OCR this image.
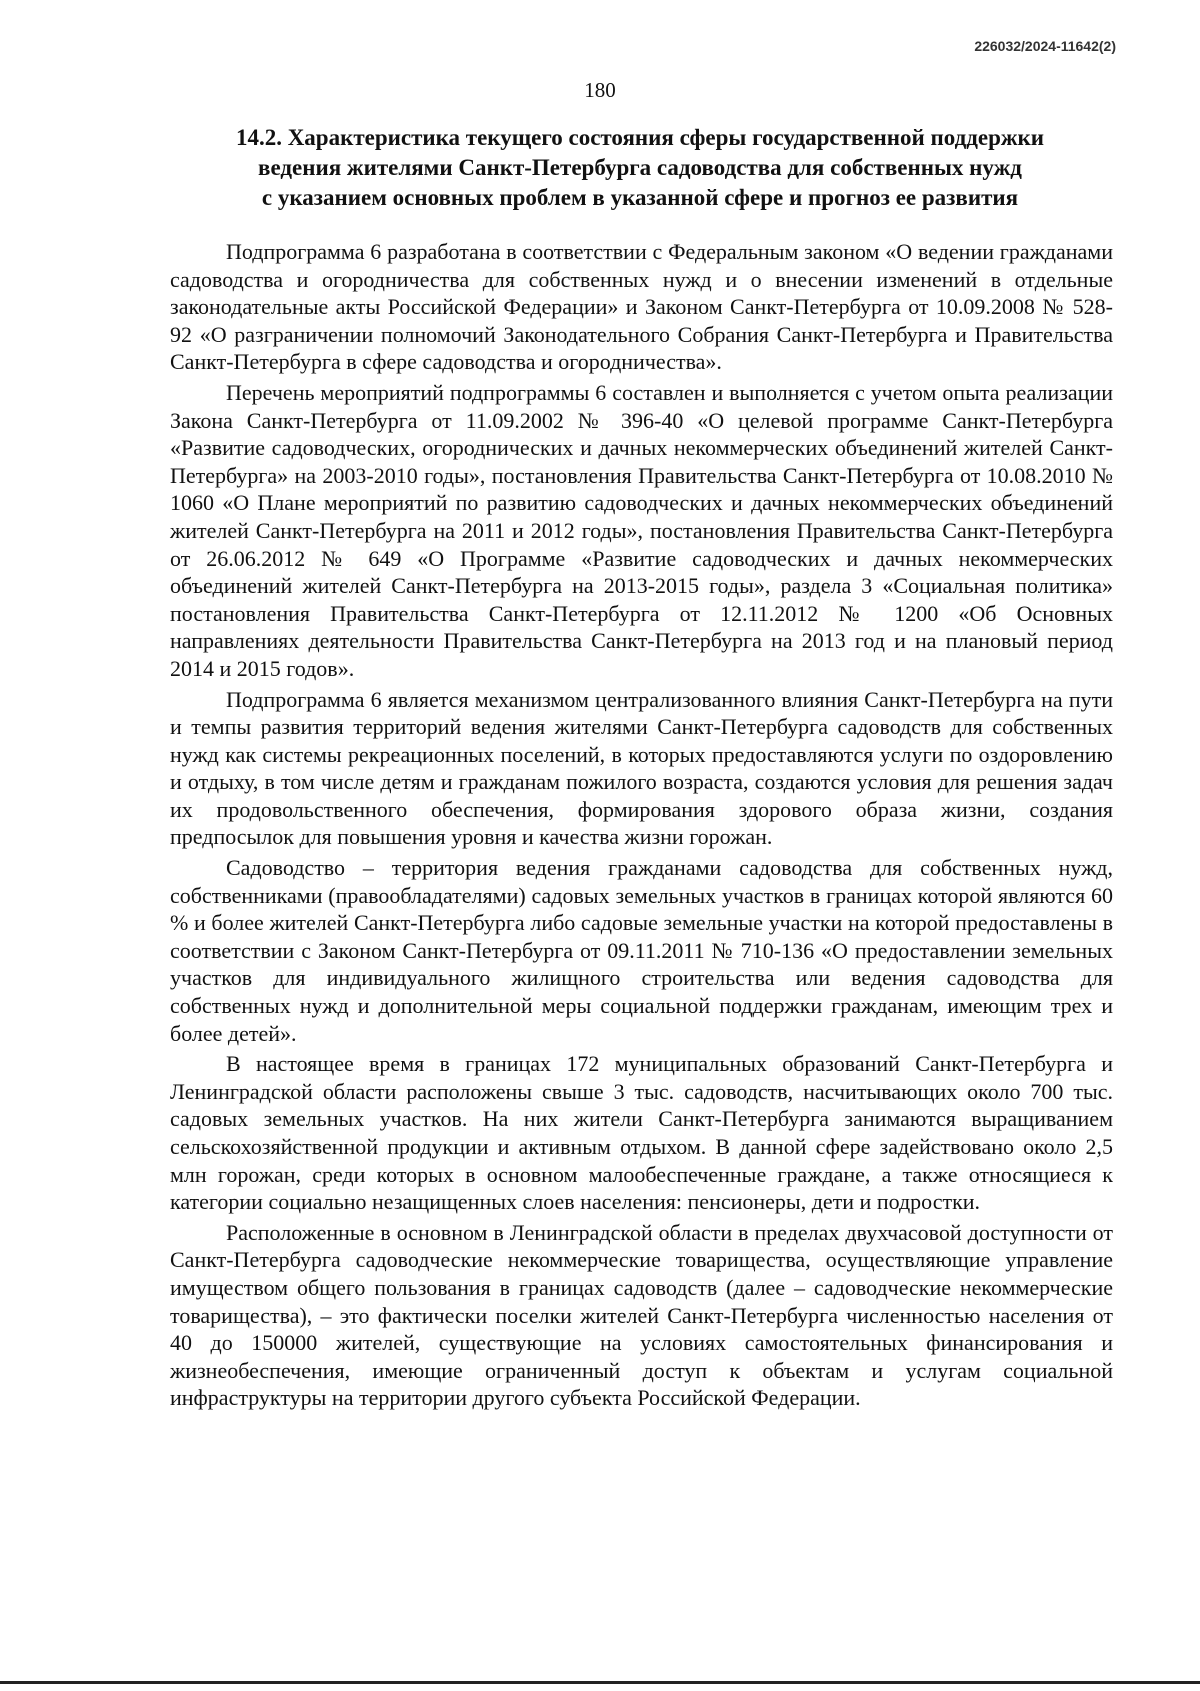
226032/2024-11642(2)
180
14.2. Характеристика текущего состояния сферы государственной поддержки
ведения жителями Санкт-Петербурга садоводства для собственных нужд
с указанием основных проблем в указанной сфере и прогноз ее развития

Подпрограмма 6 разработана в соответствии с Федеральным законом «О ведении гражданами садоводства и огородничества для собственных нужд и о внесении изменений в отдельные законодательные акты Российской Федерации» и Законом Санкт-Петербурга от 10.09.2008 № 528-92 «О разграничении полномочий Законодательного Собрания Санкт-Петербурга и Правительства Санкт-Петербурга в сфере садоводства и огородничества».

Перечень мероприятий подпрограммы 6 составлен и выполняется с учетом опыта реализации Закона Санкт-Петербурга от 11.09.2002 № 396-40 «О целевой программе Санкт-Петербурга «Развитие садоводческих, огороднических и дачных некоммерческих объединений жителей Санкт-Петербурга» на 2003-2010 годы», постановления Правительства Санкт-Петербурга от 10.08.2010 № 1060 «О Плане мероприятий по развитию садоводческих и дачных некоммерческих объединений жителей Санкт-Петербурга на 2011 и 2012 годы», постановления Правительства Санкт-Петербурга от 26.06.2012 № 649 «О Программе «Развитие садоводческих и дачных некоммерческих объединений жителей Санкт-Петербурга на 2013-2015 годы», раздела 3 «Социальная политика» постановления Правительства Санкт-Петербурга от 12.11.2012 № 1200 «Об Основных направлениях деятельности Правительства Санкт-Петербурга на 2013 год и на плановый период 2014 и 2015 годов».

Подпрограмма 6 является механизмом централизованного влияния Санкт-Петербурга на пути и темпы развития территорий ведения жителями Санкт-Петербурга садоводств для собственных нужд как системы рекреационных поселений, в которых предоставляются услуги по оздоровлению и отдыху, в том числе детям и гражданам пожилого возраста, создаются условия для решения задач их продовольственного обеспечения, формирования здорового образа жизни, создания предпосылок для повышения уровня и качества жизни горожан.

Садоводство – территория ведения гражданами садоводства для собственных нужд, собственниками (правообладателями) садовых земельных участков в границах которой являются 60 % и более жителей Санкт-Петербурга либо садовые земельные участки на которой предоставлены в соответствии с Законом Санкт-Петербурга от 09.11.2011 № 710-136 «О предоставлении земельных участков для индивидуального жилищного строительства или ведения садоводства для собственных нужд и дополнительной меры социальной поддержки гражданам, имеющим трех и более детей».

В настоящее время в границах 172 муниципальных образований Санкт-Петербурга и Ленинградской области расположены свыше 3 тыс. садоводств, насчитывающих около 700 тыс. садовых земельных участков. На них жители Санкт-Петербурга занимаются выращиванием сельскохозяйственной продукции и активным отдыхом. В данной сфере задействовано около 2,5 млн горожан, среди которых в основном малообеспеченные граждане, а также относящиеся к категории социально незащищенных слоев населения: пенсионеры, дети и подростки.

Расположенные в основном в Ленинградской области в пределах двухчасовой доступности от Санкт-Петербурга садоводческие некоммерческие товарищества, осуществляющие управление имуществом общего пользования в границах садоводств (далее – садоводческие некоммерческие товарищества), – это фактически поселки жителей Санкт-Петербурга численностью населения от 40 до 150000 жителей, существующие на условиях самостоятельных финансирования и жизнеобеспечения, имеющие ограниченный доступ к объектам и услугам социальной инфраструктуры на территории другого субъекта Российской Федерации.
